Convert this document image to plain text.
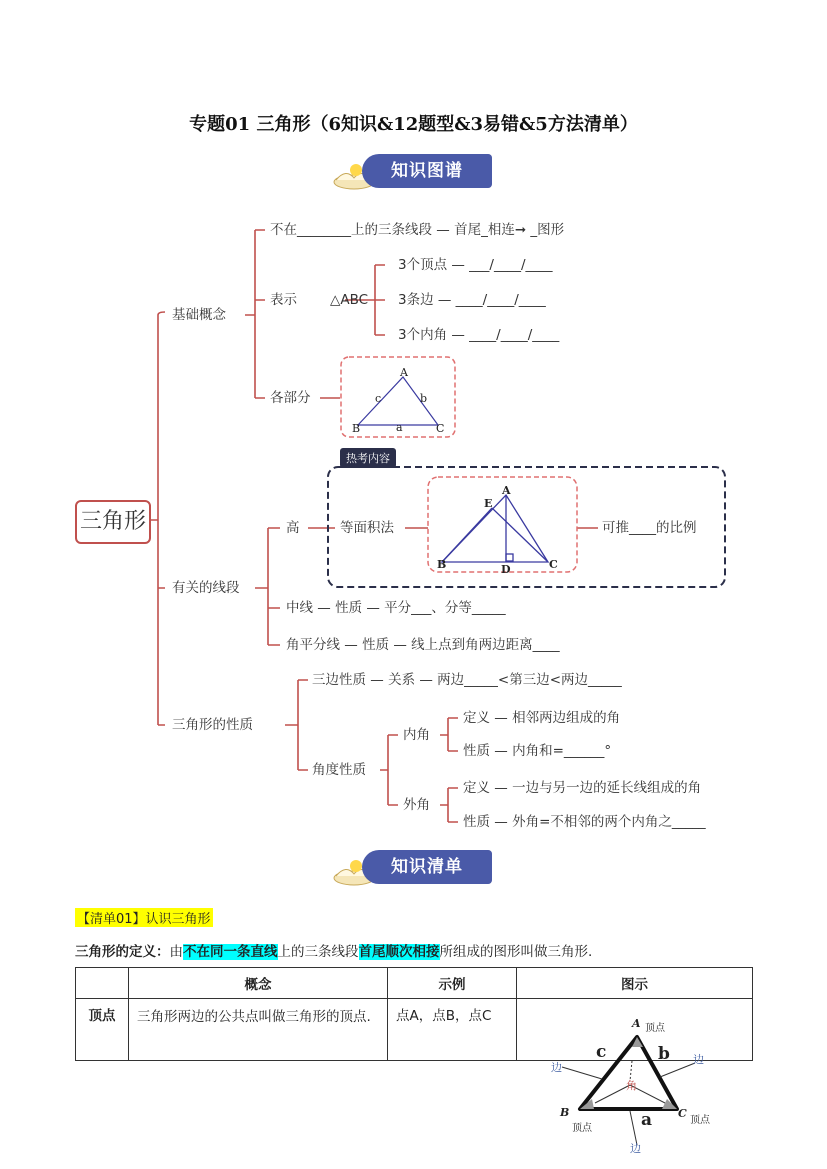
专题01 三角形（6知识&12题型&3易错&5方法清单）
知识图谱
三角形
基础概念
不在________上的三条线段 — 首尾_相连➞ _图形
表示 △ABC
3个顶点 — ___/____/____
3条边 — ____/____/____
3个内角 — ____/____/____
各部分
A
B	C
c	b
a
热考内容
有关的线段
高	等面积法	可推____的比例
A
E
B	D	C
中线 — 性质 — 平分___、分等_____
角平分线 — 性质 — 线上点到角两边距离____
三角形的性质
三边性质 — 关系 — 两边_____<第三边<两边_____
角度性质
内角
定义 — 相邻两边组成的角
性质 — 内角和=______°
外角
定义 — 一边与另一边的延长线组成的角
性质 — 外角=不相邻的两个内角之_____
知识清单
【清单01】认识三角形
三角形的定义：由不在同一条直线上的三条线段首尾顺次相接所组成的图形叫做三角形.
	概念	示例	图示
顶点	三角形两边的公共点叫做三角形的顶点.	点A，点B，点C		A 顶点
B
顶点
C
顶点
c	b
a
边
边
边
角
